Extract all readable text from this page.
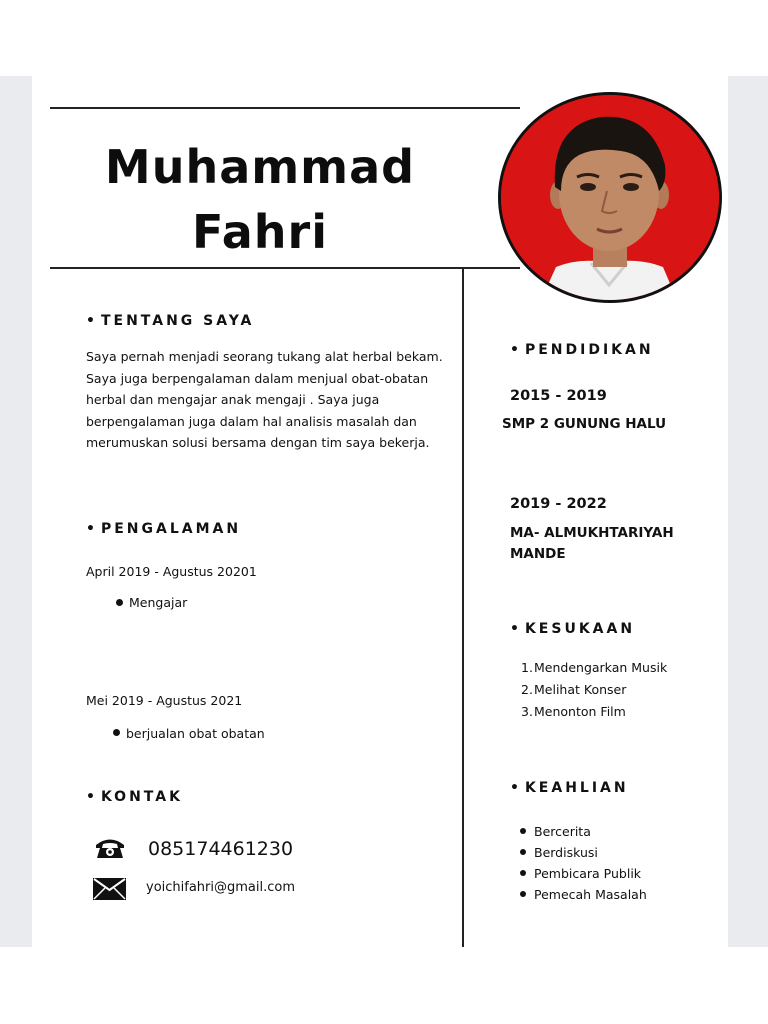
Muhammad
Fahri
• TENTANG SAYA
Saya pernah menjadi seorang tukang alat herbal bekam. Saya juga berpengalaman dalam menjual obat-obatan herbal dan mengajar anak mengaji . Saya juga berpengalaman juga dalam hal analisis masalah dan merumuskan solusi bersama dengan tim saya bekerja.
• PENGALAMAN
April 2019 - Agustus 20201
Mengajar
Mei 2019 - Agustus 2021
berjualan obat obatan
• KONTAK
085174461230
yoichifahri@gmail.com
• PENDIDIKAN
2015 - 2019
SMP 2 GUNUNG HALU
2019 - 2022
MA- ALMUKHTARIYAH
MANDE
• KESUKAAN
1. Mendengarkan Musik
2. Melihat Konser
3. Menonton Film
• KEAHLIAN
Bercerita
Berdiskusi
Pembicara Publik
Pemecah Masalah
